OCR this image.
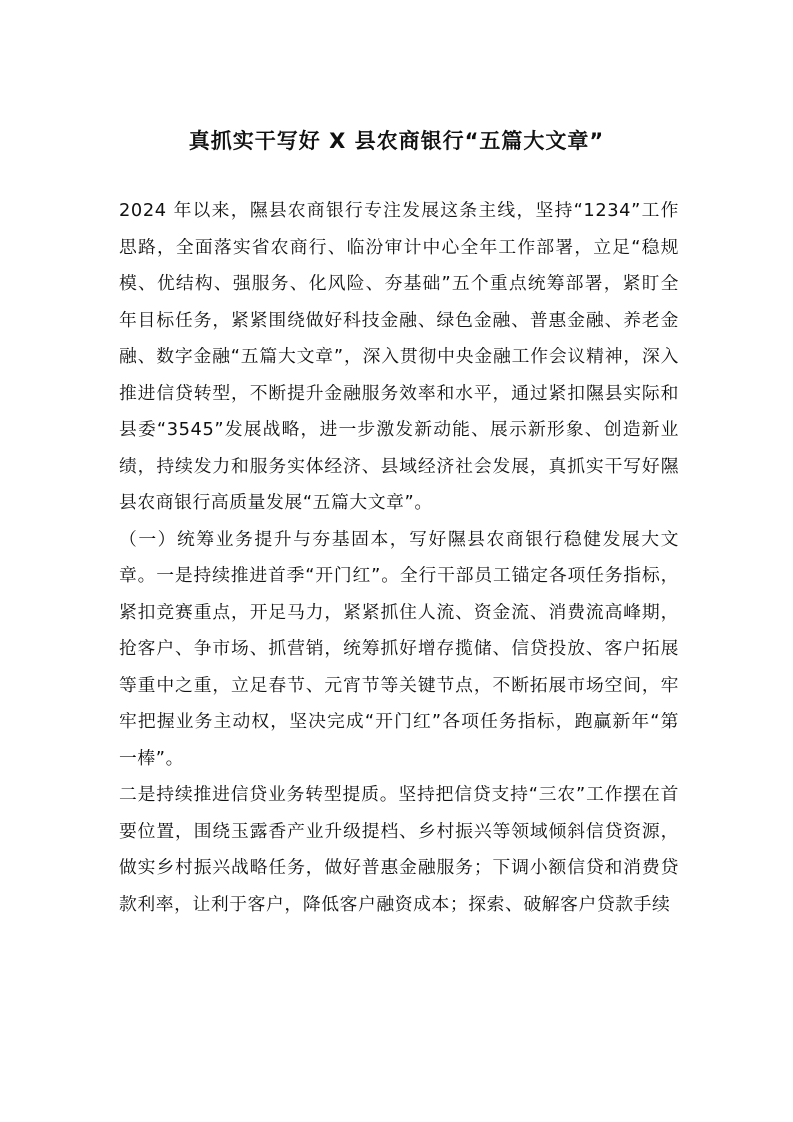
真抓实干写好 X 县农商银行“五篇大文章”

2024 年以来，隰县农商银行专注发展这条主线，坚持“1234”工作思路，全面落实省农商行、临汾审计中心全年工作部署，立足“稳规模、优结构、强服务、化风险、夯基础”五个重点统筹部署，紧盯全年目标任务，紧紧围绕做好科技金融、绿色金融、普惠金融、养老金融、数字金融“五篇大文章”，深入贯彻中央金融工作会议精神，深入推进信贷转型，不断提升金融服务效率和水平，通过紧扣隰县实际和县委“3545”发展战略，进一步激发新动能、展示新形象、创造新业绩，持续发力和服务实体经济、县域经济社会发展，真抓实干写好隰县农商银行高质量发展“五篇大文章”。

（一）统筹业务提升与夯基固本，写好隰县农商银行稳健发展大文章。一是持续推进首季“开门红”。全行干部员工锚定各项任务指标，紧扣竞赛重点，开足马力，紧紧抓住人流、资金流、消费流高峰期，抢客户、争市场、抓营销，统筹抓好增存揽储、信贷投放、客户拓展等重中之重，立足春节、元宵节等关键节点，不断拓展市场空间，牢牢把握业务主动权，坚决完成“开门红”各项任务指标，跑赢新年“第一棒”。

二是持续推进信贷业务转型提质。坚持把信贷支持“三农”工作摆在首要位置，围绕玉露香产业升级提档、乡村振兴等领域倾斜信贷资源，做实乡村振兴战略任务，做好普惠金融服务；下调小额信贷和消费贷款利率，让利于客户，降低客户融资成本；探索、破解客户贷款手续
